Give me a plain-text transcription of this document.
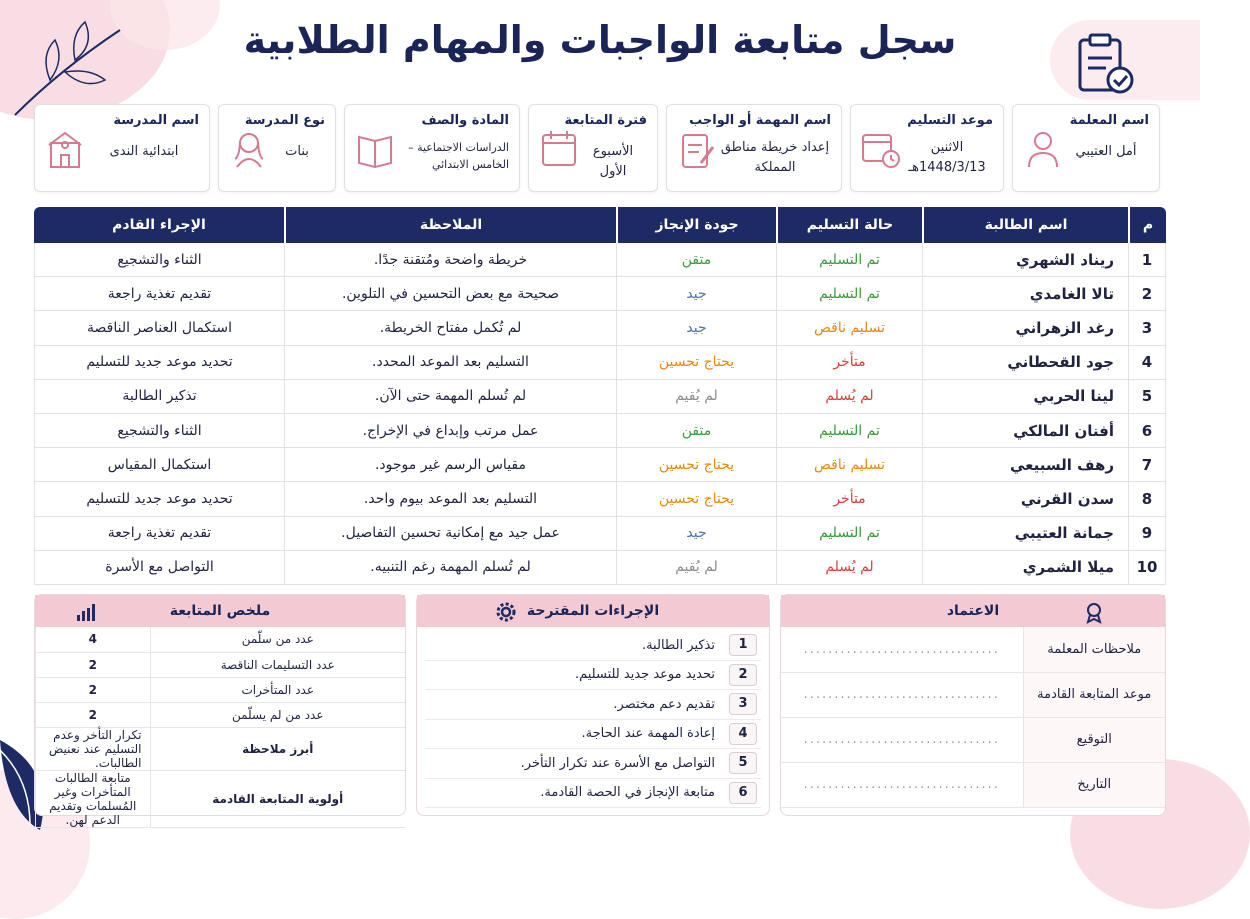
سجل متابعة الواجبات والمهام الطلابية
اسم المدرسة
ابتدائية الندى
نوع المدرسة
بنات
المادة والصف
الدراسات الاجتماعية – الخامس الابتدائي
فترة المتابعة
الأسبوع الأول
اسم المهمة أو الواجب
إعداد خريطة مناطق المملكة
موعد التسليم
الاثنين 1448/3/13هـ
اسم المعلمة
أمل العتيبي
م	اسم الطالبة	حالة التسليم	جودة الإنجاز	الملاحظة	الإجراء القادم
1	ريناد الشهري	تم التسليم	متقن	خريطة واضحة ومُتقنة جدًا.	الثناء والتشجيع
2	تالا الغامدي	تم التسليم	جيد	صحيحة مع بعض التحسين في التلوين.	تقديم تغذية راجعة
3	رغد الزهراني	تسليم ناقص	جيد	لم تُكمل مفتاح الخريطة.	استكمال العناصر الناقصة
4	جود القحطاني	متأخر	يحتاج تحسين	التسليم بعد الموعد المحدد.	تحديد موعد جديد للتسليم
5	لينا الحربي	لم يُسلم	لم يُقيم	لم تُسلم المهمة حتى الآن.	تذكير الطالبة
6	أفنان المالكي	تم التسليم	متقن	عمل مرتب وإبداع في الإخراج.	الثناء والتشجيع
7	رهف السبيعي	تسليم ناقص	يحتاج تحسين	مقياس الرسم غير موجود.	استكمال المقياس
8	سدن القرني	متأخر	يحتاج تحسين	التسليم بعد الموعد بيوم واحد.	تحديد موعد جديد للتسليم
9	جمانة العتيبي	تم التسليم	جيد	عمل جيد مع إمكانية تحسين التفاصيل.	تقديم تغذية راجعة
10	ميلا الشمري	لم يُسلم	لم يُقيم	لم تُسلم المهمة رغم التنبيه.	التواصل مع الأسرة
الاعتماد
ملاحظات المعلمة	................................
موعد المتابعة القادمة	................................
التوقيع	................................
التاريخ	................................
الإجراءات المقترحة
1
تذكير الطالبة.
2
تحديد موعد جديد للتسليم.
3
تقديم دعم مختصر.
4
إعادة المهمة عند الحاجة.
5
التواصل مع الأسرة عند تكرار التأخر.
6
متابعة الإنجاز في الحصة القادمة.
ملخص المتابعة
عدد من سلّمن	4
عدد التسليمات الناقصة	2
عدد المتأخرات	2
عدد من لم يسلّمن	2
أبرز ملاحظة	تكرار التأخر وعدم التسليم عند نعنيض الطالبات.
أولوية المتابعة القادمة	متابعة الطالبات المتأخرات وغير المُسلمات وتقديم الدعم لهن.
